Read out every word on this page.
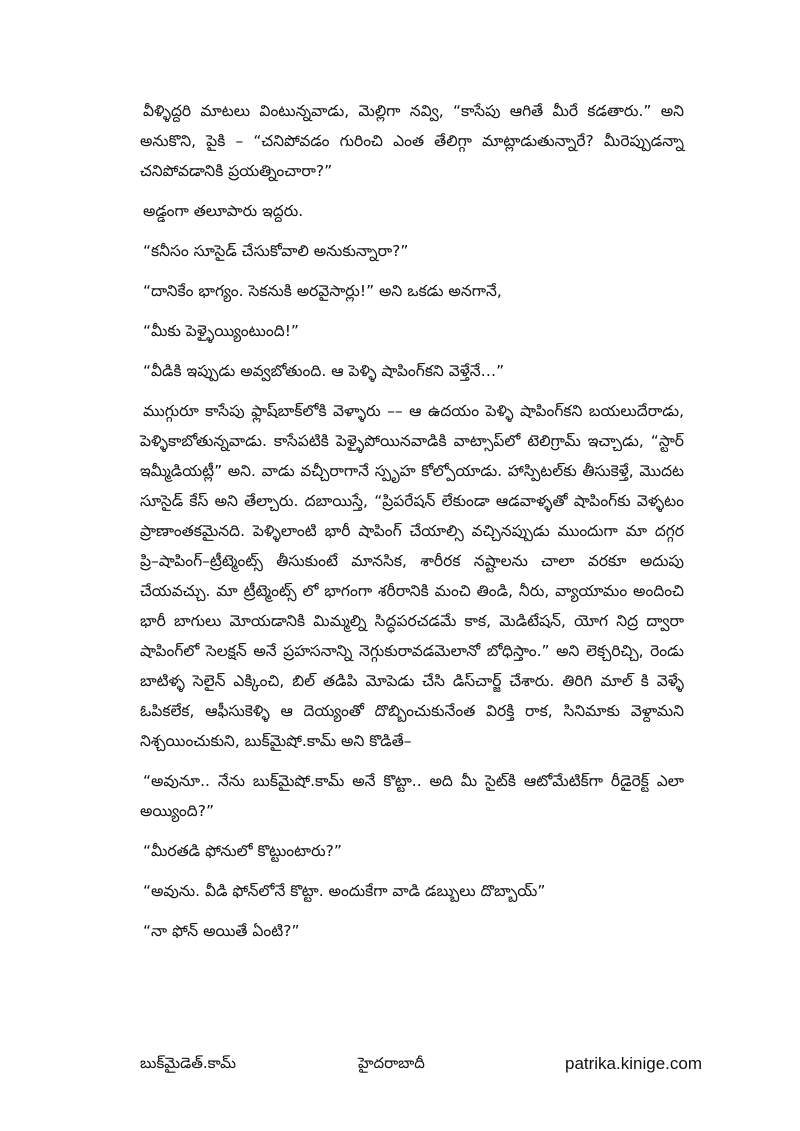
వీళ్ళిద్దరి మాటలు వింటున్నవాడు, మెల్లిగా నవ్వి, “కాసేపు ఆగితే మీరే కడతారు.” అని అనుకొని, పైకి – “చనిపోవడం గురించి ఎంత తేలిగ్గా మాట్లాడుతున్నారే? మీరెప్పుడన్నా చనిపోవడానికి ప్రయత్నించారా?”

అడ్డంగా తలూపారు ఇద్దరు.

“కనీసం సూసైడ్ చేసుకోవాలి అనుకున్నారా?”

“దానికేం భాగ్యం. సెకనుకి అరవైసార్లు!” అని ఒకడు అనగానే,

“మీకు పెళ్ళైయ్యింటుంది!”

“వీడికి ఇప్పుడు అవ్వబోతుంది. ఆ పెళ్ళి షాపింగ్‌కని వెళ్తేనే…”

ముగ్గురూ కాసేపు ఫ్లాష్‌బాక్‌లోకి వెళ్ళారు –– ఆ ఉదయం పెళ్ళి షాపింగ్‌కని బయలుదేరాడు, పెళ్ళికాబోతున్నవాడు. కాసేపటికి పెళ్ళైపోయినవాడికి వాట్సాప్‌లో టెలిగ్రామ్ ఇచ్చాడు, “స్టార్ ఇమ్మీడియట్లీ” అని. వాడు వచ్చీరాగానే స్పృహ కోల్పోయాడు. హాస్పిటల్‌కు తీసుకెళ్తే, మొదట సూసైడ్ కేస్ అని తేల్చారు. దబాయిస్తే, “ప్రిపరేషన్ లేకుండా ఆడవాళ్ళతో షాపింగ్‌కు వెళ్ళటం ప్రాణాంతకమైనది. పెళ్ళిలాంటి భారీ షాపింగ్ చేయాల్సి వచ్చినప్పుడు ముందుగా మా దగ్గర ప్రి–షాపింగ్–ట్రీట్మెంట్స్ తీసుకుంటే మానసిక, శారీరక నష్టాలను చాలా వరకూ అదుపు చేయవచ్చు. మా ట్రీట్మెంట్స్ లో భాగంగా శరీరానికి మంచి తిండి, నీరు, వ్యాయామం అందించి భారీ బాగులు మోయడానికి మిమ్మల్ని సిద్ధపరచడమే కాక, మెడిటేషన్, యోగ నిద్ర ద్వారా షాపింగ్‌లో సెలక్షన్ అనే ప్రహసనాన్ని నెగ్గుకురావడమెలానో బోధిస్తాం.” అని లెక్చరిచ్చి, రెండు బాటిళ్ళ సెలైన్ ఎక్కించి, బిల్ తడిపి మోపెడు చేసి డిస్‌చార్జ్ చేశారు. తిరిగి మాల్ కి వెళ్ళే ఓపికలేక, ఆఫీసుకెళ్ళి ఆ దెయ్యంతో దొబ్బించుకునేంత విరక్తి రాక, సినిమాకు వెళ్దామని నిశ్చయించుకుని, బుక్‌మైషో.కామ్ అని కొడితే–

“అవునూ.. నేను బుక్‌మైషో.కామ్ అనే కొట్టా.. అది మీ సైట్‌కి ఆటోమేటిక్‌గా రీడైరెక్ట్ ఎలా అయ్యింది?”

“మీరతడి ఫోనులో కొట్టుంటారు?”

“అవును. వీడి ఫోన్‌లోనే కొట్టా. అందుకేగా వాడి డబ్బులు దొబ్బాయ్”

“నా ఫోన్ అయితే ఏంటి?”

బుక్‌మైడెత్.కామ్	హైదరాబాదీ	patrika.kinige.com
